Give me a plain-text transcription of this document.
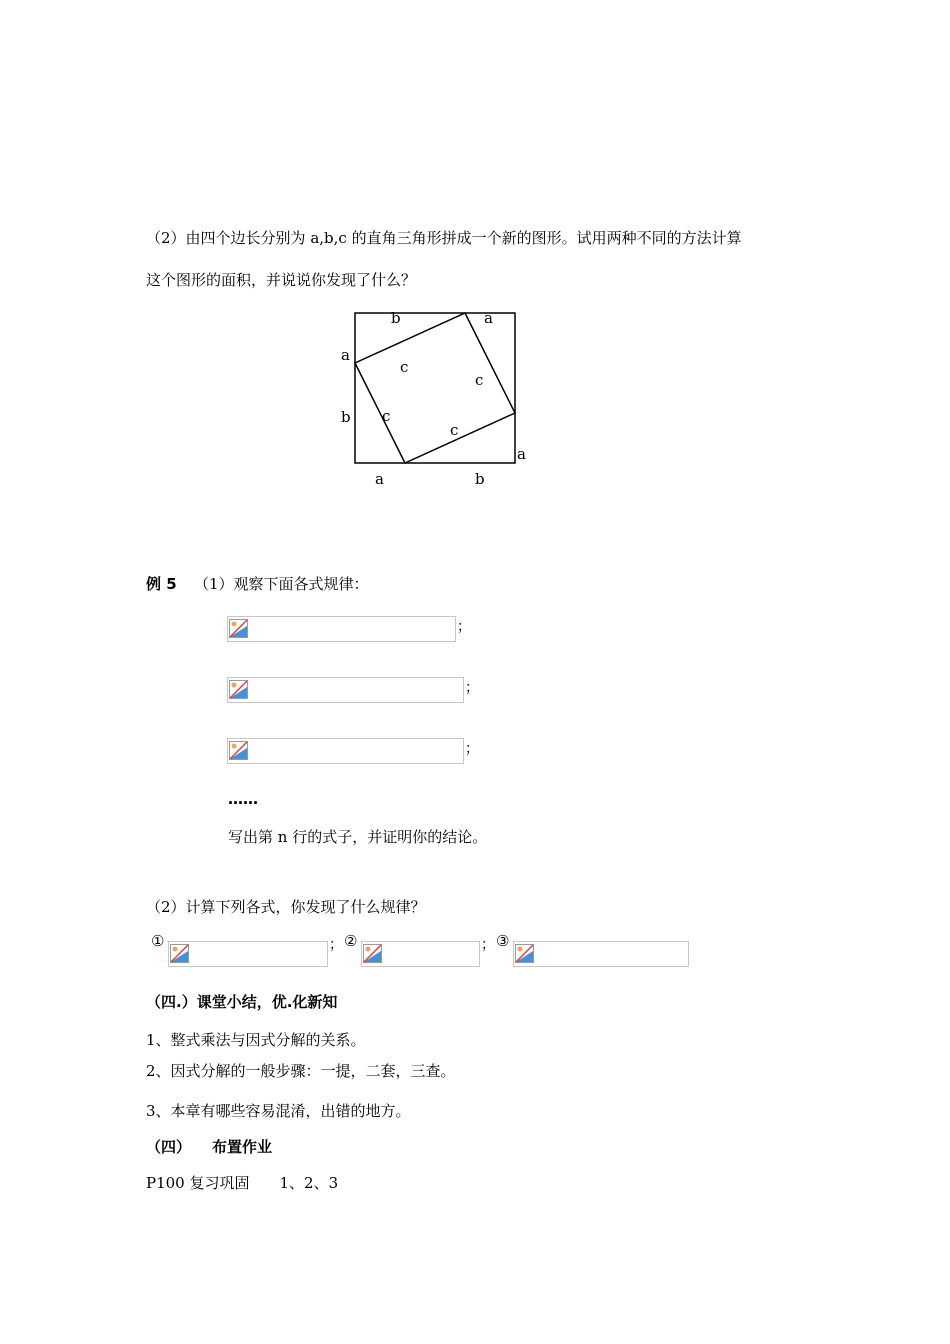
（2）由四个边长分别为 a,b,c 的直角三角形拼成一个新的图形。试用两种不同的方法计算
这个图形的面积，并说说你发现了什么？
b	a
a
b
a
a	b
c
c
c
c
例 5 （1）观察下面各式规律：
；
；
；
……
写出第 n 行的式子，并证明你的结论。
（2）计算下列各式，你发现了什么规律？
①	； ②	； ③
（四.）课堂小结，优.化新知
1、整式乘法与因式分解的关系。
2、因式分解的一般步骤：一提，二套，三查。
3、本章有哪些容易混淆，出错的地方。
（四） 布置作业
P100 复习巩固　　1、2、3
